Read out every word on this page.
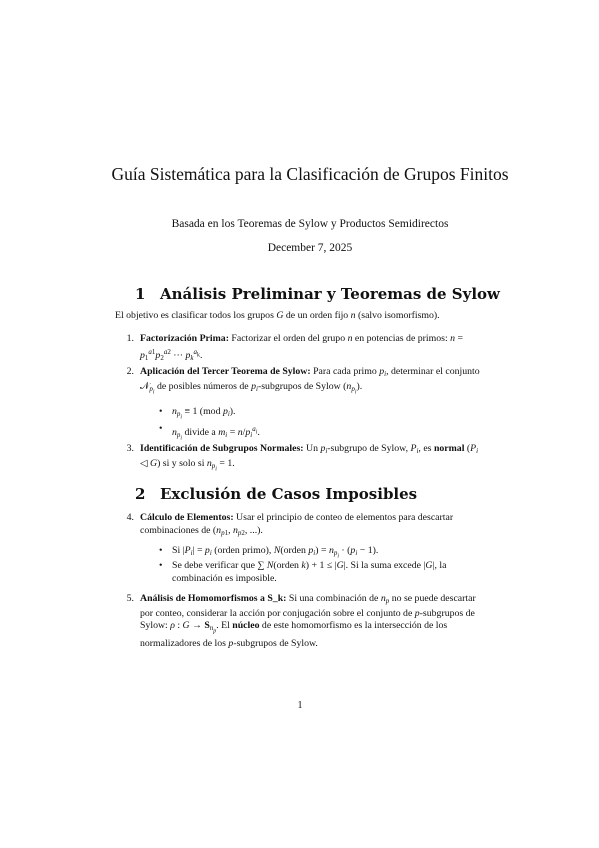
Guía Sistemática para la Clasificación de Grupos Finitos
Basada en los Teoremas de Sylow y Productos Semidirectos
December 7, 2025
1 Análisis Preliminar y Teoremas de Sylow
El objetivo es clasificar todos los grupos G de un orden fijo n (salvo isomorfismo).
1. Factorización Prima: Factorizar el orden del grupo n en potencias de primos: $n = p_1^{a1}p_2^{a2}$ ··· $p_k^{a_k}$.
2. Aplicación del Tercer Teorema de Sylow: Para cada primo $p_i$, determinar el conjunto 𝒩$_{p_i}$ de posibles números de $p_i$-subgrupos de Sylow $(n_{p_i})$.
• $n_{p_i} \equiv 1$ (mod $p_i$).
• $n_{p_i}$ divide a $m_i = n/p_i^{a_i}$.
3. Identificación de Subgrupos Normales: Un $p_i$-subgrupo de Sylow, $P_i$, es normal ($P_i$ ◁ G) si y solo si $n_{p_i} = 1$.
2 Exclusión de Casos Imposibles
4. Cálculo de Elementos: Usar el principio de conteo de elementos para descartar combinaciones de ($n_{p1}$, $n_{p2}$, ...).
• Si $|P_i| = p_i$ (orden primo), N(orden $p_i) = n_{p_i} \cdot (p_i - 1)$.
• Se debe verificar que ∑ N(orden k) + 1 ≤ |G|. Si la suma excede |G|, la combinación es imposible.
5. Análisis de Homomorfismos a S_k: Si una combinación de $n_p$ no se puede descartar por conteo, considerar la acción por conjugación sobre el conjunto de p-subgrupos de Sylow: ρ : $G \to S_{n_p}$. El núcleo de este homomorfismo es la intersección de los normalizadores de los p-subgrupos de Sylow.
1
